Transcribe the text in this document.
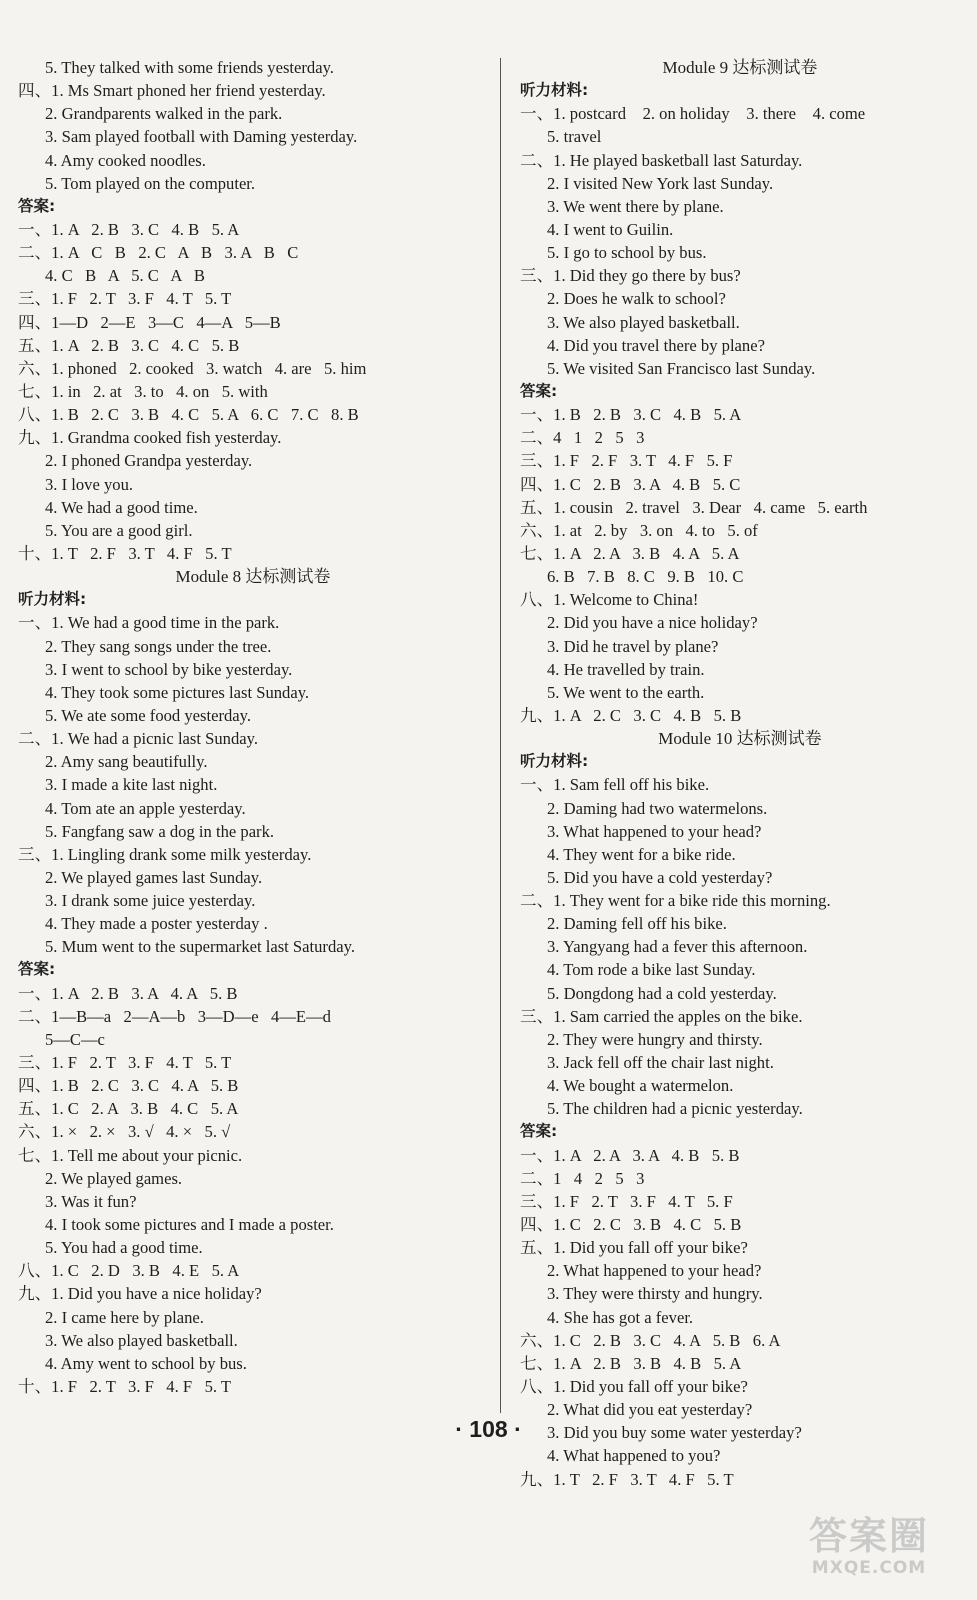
5. They talked with some friends yesterday.
四、1. Ms Smart phoned her friend yesterday.
2. Grandparents walked in the park.
3. Sam played football with Daming yesterday.
4. Amy cooked noodles.
5. Tom played on the computer.
答案:
一、1. A   2. B   3. C   4. B   5. A
二、1. A   C   B   2. C   A   B   3. A   B   C
4. C   B   A   5. C   A   B
三、1. F   2. T   3. F   4. T   5. T
四、1—D   2—E   3—C   4—A   5—B
五、1. A   2. B   3. C   4. C   5. B
六、1. phoned   2. cooked   3. watch   4. are   5. him
七、1. in   2. at   3. to   4. on   5. with
八、1. B   2. C   3. B   4. C   5. A   6. C   7. C   8. B
九、1. Grandma cooked fish yesterday.
2. I phoned Grandpa yesterday.
3. I love you.
4. We had a good time.
5. You are a good girl.
十、1. T   2. F   3. T   4. F   5. T
Module 8 达标测试卷
听力材料:
一、1. We had a good time in the park.
2. They sang songs under the tree.
3. I went to school by bike yesterday.
4. They took some pictures last Sunday.
5. We ate some food yesterday.
二、1. We had a picnic last Sunday.
2. Amy sang beautifully.
3. I made a kite last night.
4. Tom ate an apple yesterday.
5. Fangfang saw a dog in the park.
三、1. Lingling drank some milk yesterday.
2. We played games last Sunday.
3. I drank some juice yesterday.
4. They made a poster yesterday .
5. Mum went to the supermarket last Saturday.
答案:
一、1. A   2. B   3. A   4. A   5. B
二、1—B—a   2—A—b   3—D—e   4—E—d
5—C—c
三、1. F   2. T   3. F   4. T   5. T
四、1. B   2. C   3. C   4. A   5. B
五、1. C   2. A   3. B   4. C   5. A
六、1. ×   2. ×   3. √   4. ×   5. √
七、1. Tell me about your picnic.
2. We played games.
3. Was it fun?
4. I took some pictures and I made a poster.
5. You had a good time.
八、1. C   2. D   3. B   4. E   5. A
九、1. Did you have a nice holiday?
2. I came here by plane.
3. We also played basketball.
4. Amy went to school by bus.
十、1. F   2. T   3. F   4. F   5. T
Module 9 达标测试卷
听力材料:
一、1. postcard    2. on holiday    3. there    4. come
5. travel
二、1. He played basketball last Saturday.
2. I visited New York last Sunday.
3. We went there by plane.
4. I went to Guilin.
5. I go to school by bus.
三、1. Did they go there by bus?
2. Does he walk to school?
3. We also played basketball.
4. Did you travel there by plane?
5. We visited San Francisco last Sunday.
答案:
一、1. B   2. B   3. C   4. B   5. A
二、4   1   2   5   3
三、1. F   2. F   3. T   4. F   5. F
四、1. C   2. B   3. A   4. B   5. C
五、1. cousin   2. travel   3. Dear   4. came   5. earth
六、1. at   2. by   3. on   4. to   5. of
七、1. A   2. A   3. B   4. A   5. A
6. B   7. B   8. C   9. B   10. C
八、1. Welcome to China!
2. Did you have a nice holiday?
3. Did he travel by plane?
4. He travelled by train.
5. We went to the earth.
九、1. A   2. C   3. C   4. B   5. B
Module 10 达标测试卷
听力材料:
一、1. Sam fell off his bike.
2. Daming had two watermelons.
3. What happened to your head?
4. They went for a bike ride.
5. Did you have a cold yesterday?
二、1. They went for a bike ride this morning.
2. Daming fell off his bike.
3. Yangyang had a fever this afternoon.
4. Tom rode a bike last Sunday.
5. Dongdong had a cold yesterday.
三、1. Sam carried the apples on the bike.
2. They were hungry and thirsty.
3. Jack fell off the chair last night.
4. We bought a watermelon.
5. The children had a picnic yesterday.
答案:
一、1. A   2. A   3. A   4. B   5. B
二、1   4   2   5   3
三、1. F   2. T   3. F   4. T   5. F
四、1. C   2. C   3. B   4. C   5. B
五、1. Did you fall off your bike?
2. What happened to your head?
3. They were thirsty and hungry.
4. She has got a fever.
六、1. C   2. B   3. C   4. A   5. B   6. A
七、1. A   2. B   3. B   4. B   5. A
八、1. Did you fall off your bike?
2. What did you eat yesterday?
3. Did you buy some water yesterday?
4. What happened to you?
九、1. T   2. F   3. T   4. F   5. T
· 108 ·
答案圈
MXQE.COM
